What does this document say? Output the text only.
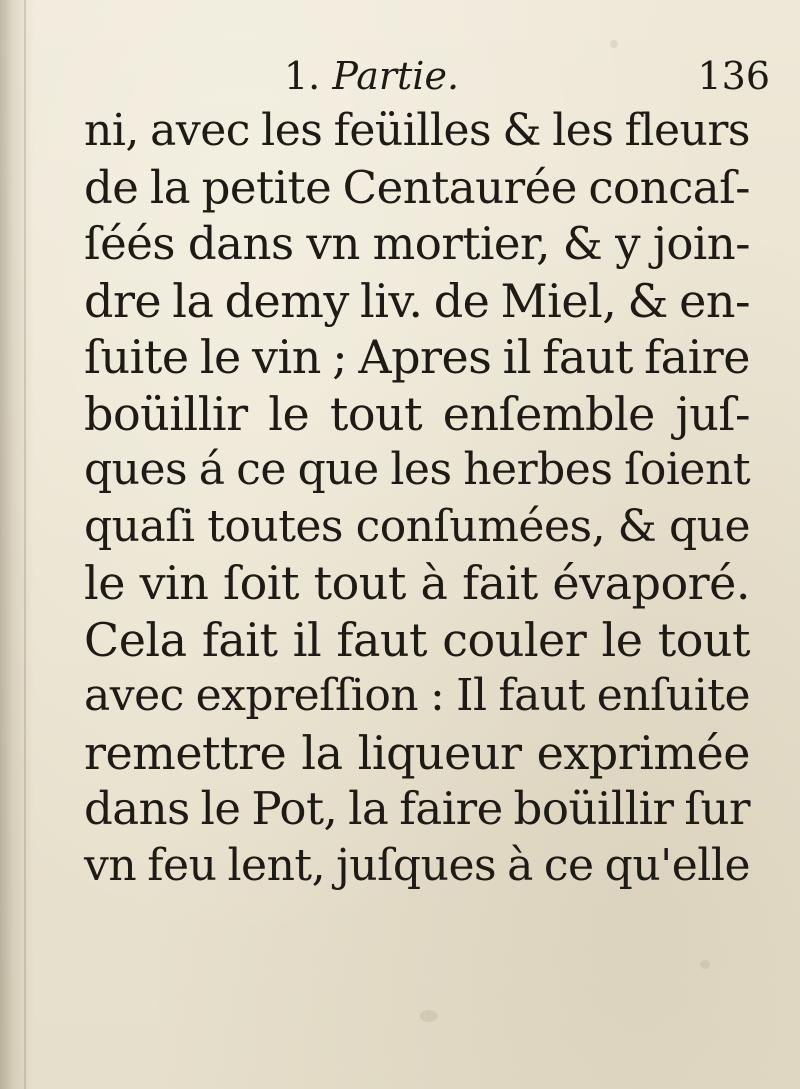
1. Partie.	136
ni, avec les feüilles & les fleurs
de la petite Centaurée concaſ-
ſéés dans vn mortier, & y join-
dre la demy liv. de Miel, & en-
ſuite le vin ; Apres il faut faire
boüillir le tout enſemble juſ-
ques á ce que les herbes ſoient
quaſi toutes conſumées, & que
le vin ſoit tout à fait évaporé.
Cela fait il faut couler le tout
avec expreſſion : Il faut enſuite
remettre la liqueur exprimée
dans le Pot, la faire boüillir ſur
vn feu lent, juſques à ce qu'elle
